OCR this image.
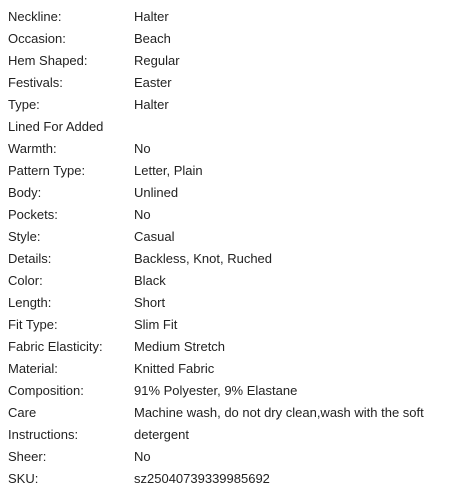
Neckline:	Halter
Occasion:	Beach
Hem Shaped:	Regular
Festivals:	Easter
Type:	Halter
Lined For Added
Warmth:	No
Pattern Type:	Letter, Plain
Body:	Unlined
Pockets:	No
Style:	Casual
Details:	Backless, Knot, Ruched
Color:	Black
Length:	Short
Fit Type:	Slim Fit
Fabric Elasticity:	Medium Stretch
Material:	Knitted Fabric
Composition:	91% Polyester, 9% Elastane
Care	Machine wash, do not dry clean,wash with the soft
Instructions:	detergent
Sheer:	No
SKU:	sz25040739339985692
